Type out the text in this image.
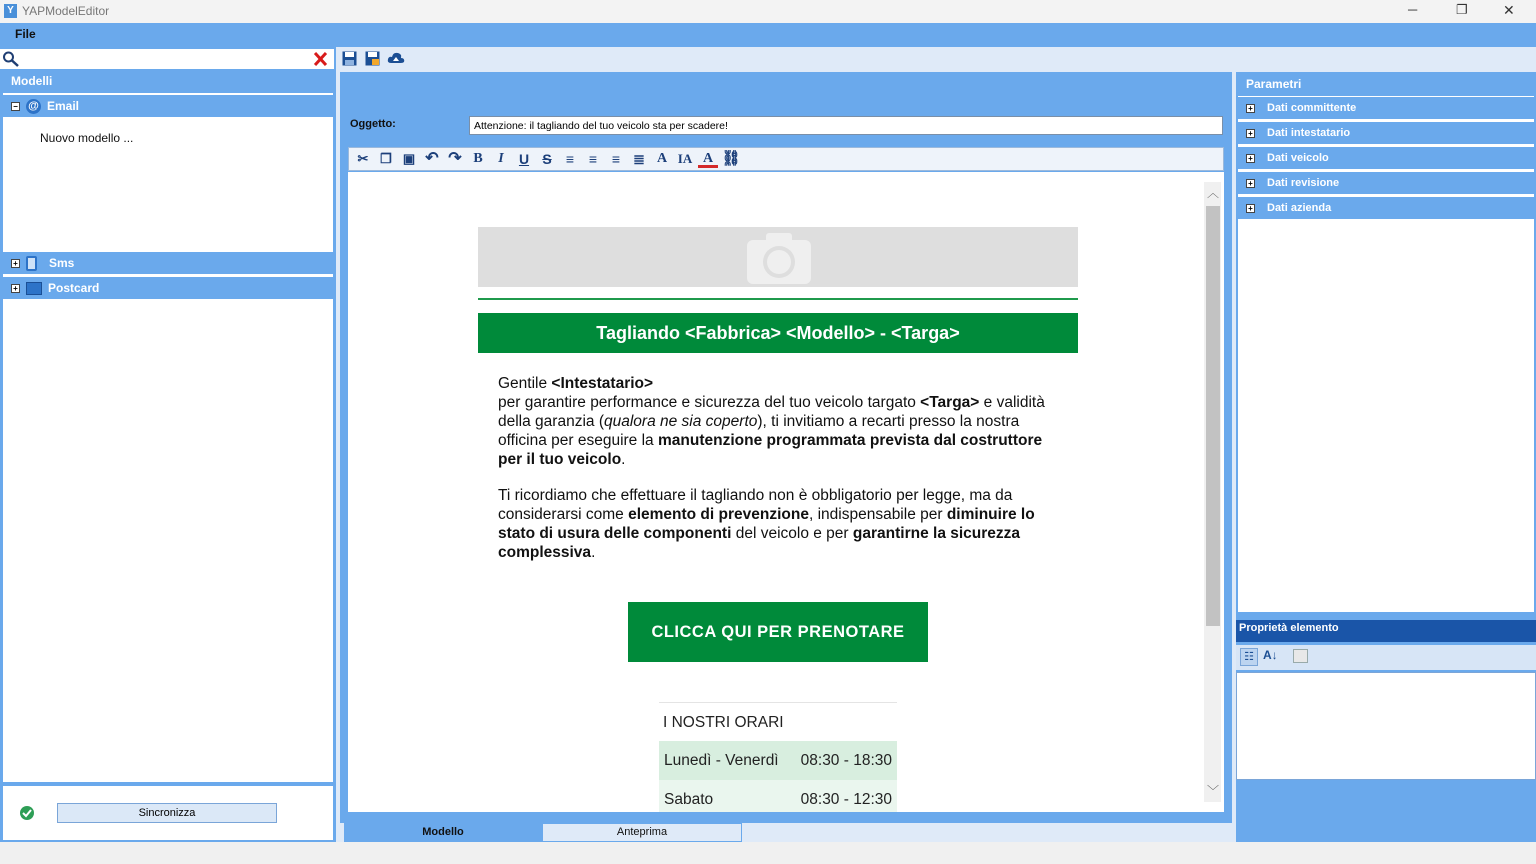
Y YAPModelEditor	─	❐	✕
File
Modelli
− @ Email
Nuovo modello ...
+	Sms
+	Postcard
Sincronizza
Oggetto:
Attenzione: il tagliando del tuo veicolo sta per scadere!
✂ ❐ ▣ ↶ ↷ B	I	U S	≡	≡	≡ ≣ A IA A ⛓
Tagliando <Fabbrica> <Modello> - <Targa>
Gentile <Intestatario>
per garantire performance e sicurezza del tuo veicolo targato <Targa> e validità della garanzia (qualora ne sia coperto), ti invitiamo a recarti presso la nostra officina per eseguire la manutenzione programmata prevista dal costruttore per il tuo veicolo.
Ti ricordiamo che effettuare il tagliando non è obbligatorio per legge, ma da considerarsi come elemento di prevenzione, indispensabile per diminuire lo stato di usura delle componenti del veicolo e per garantirne la sicurezza complessiva.
CLICCA QUI PER PRENOTARE
I NOSTRI ORARI
Lunedì - Venerdì 08:30 - 18:30
Sabato	08:30 - 12:30
︿
﹀
Modello	Anteprima
Parametri
+ Dati committente
+ Dati intestatario
+ Dati veicolo
+ Dati revisione
+ Dati azienda
Proprietà elemento
☷ A↓
